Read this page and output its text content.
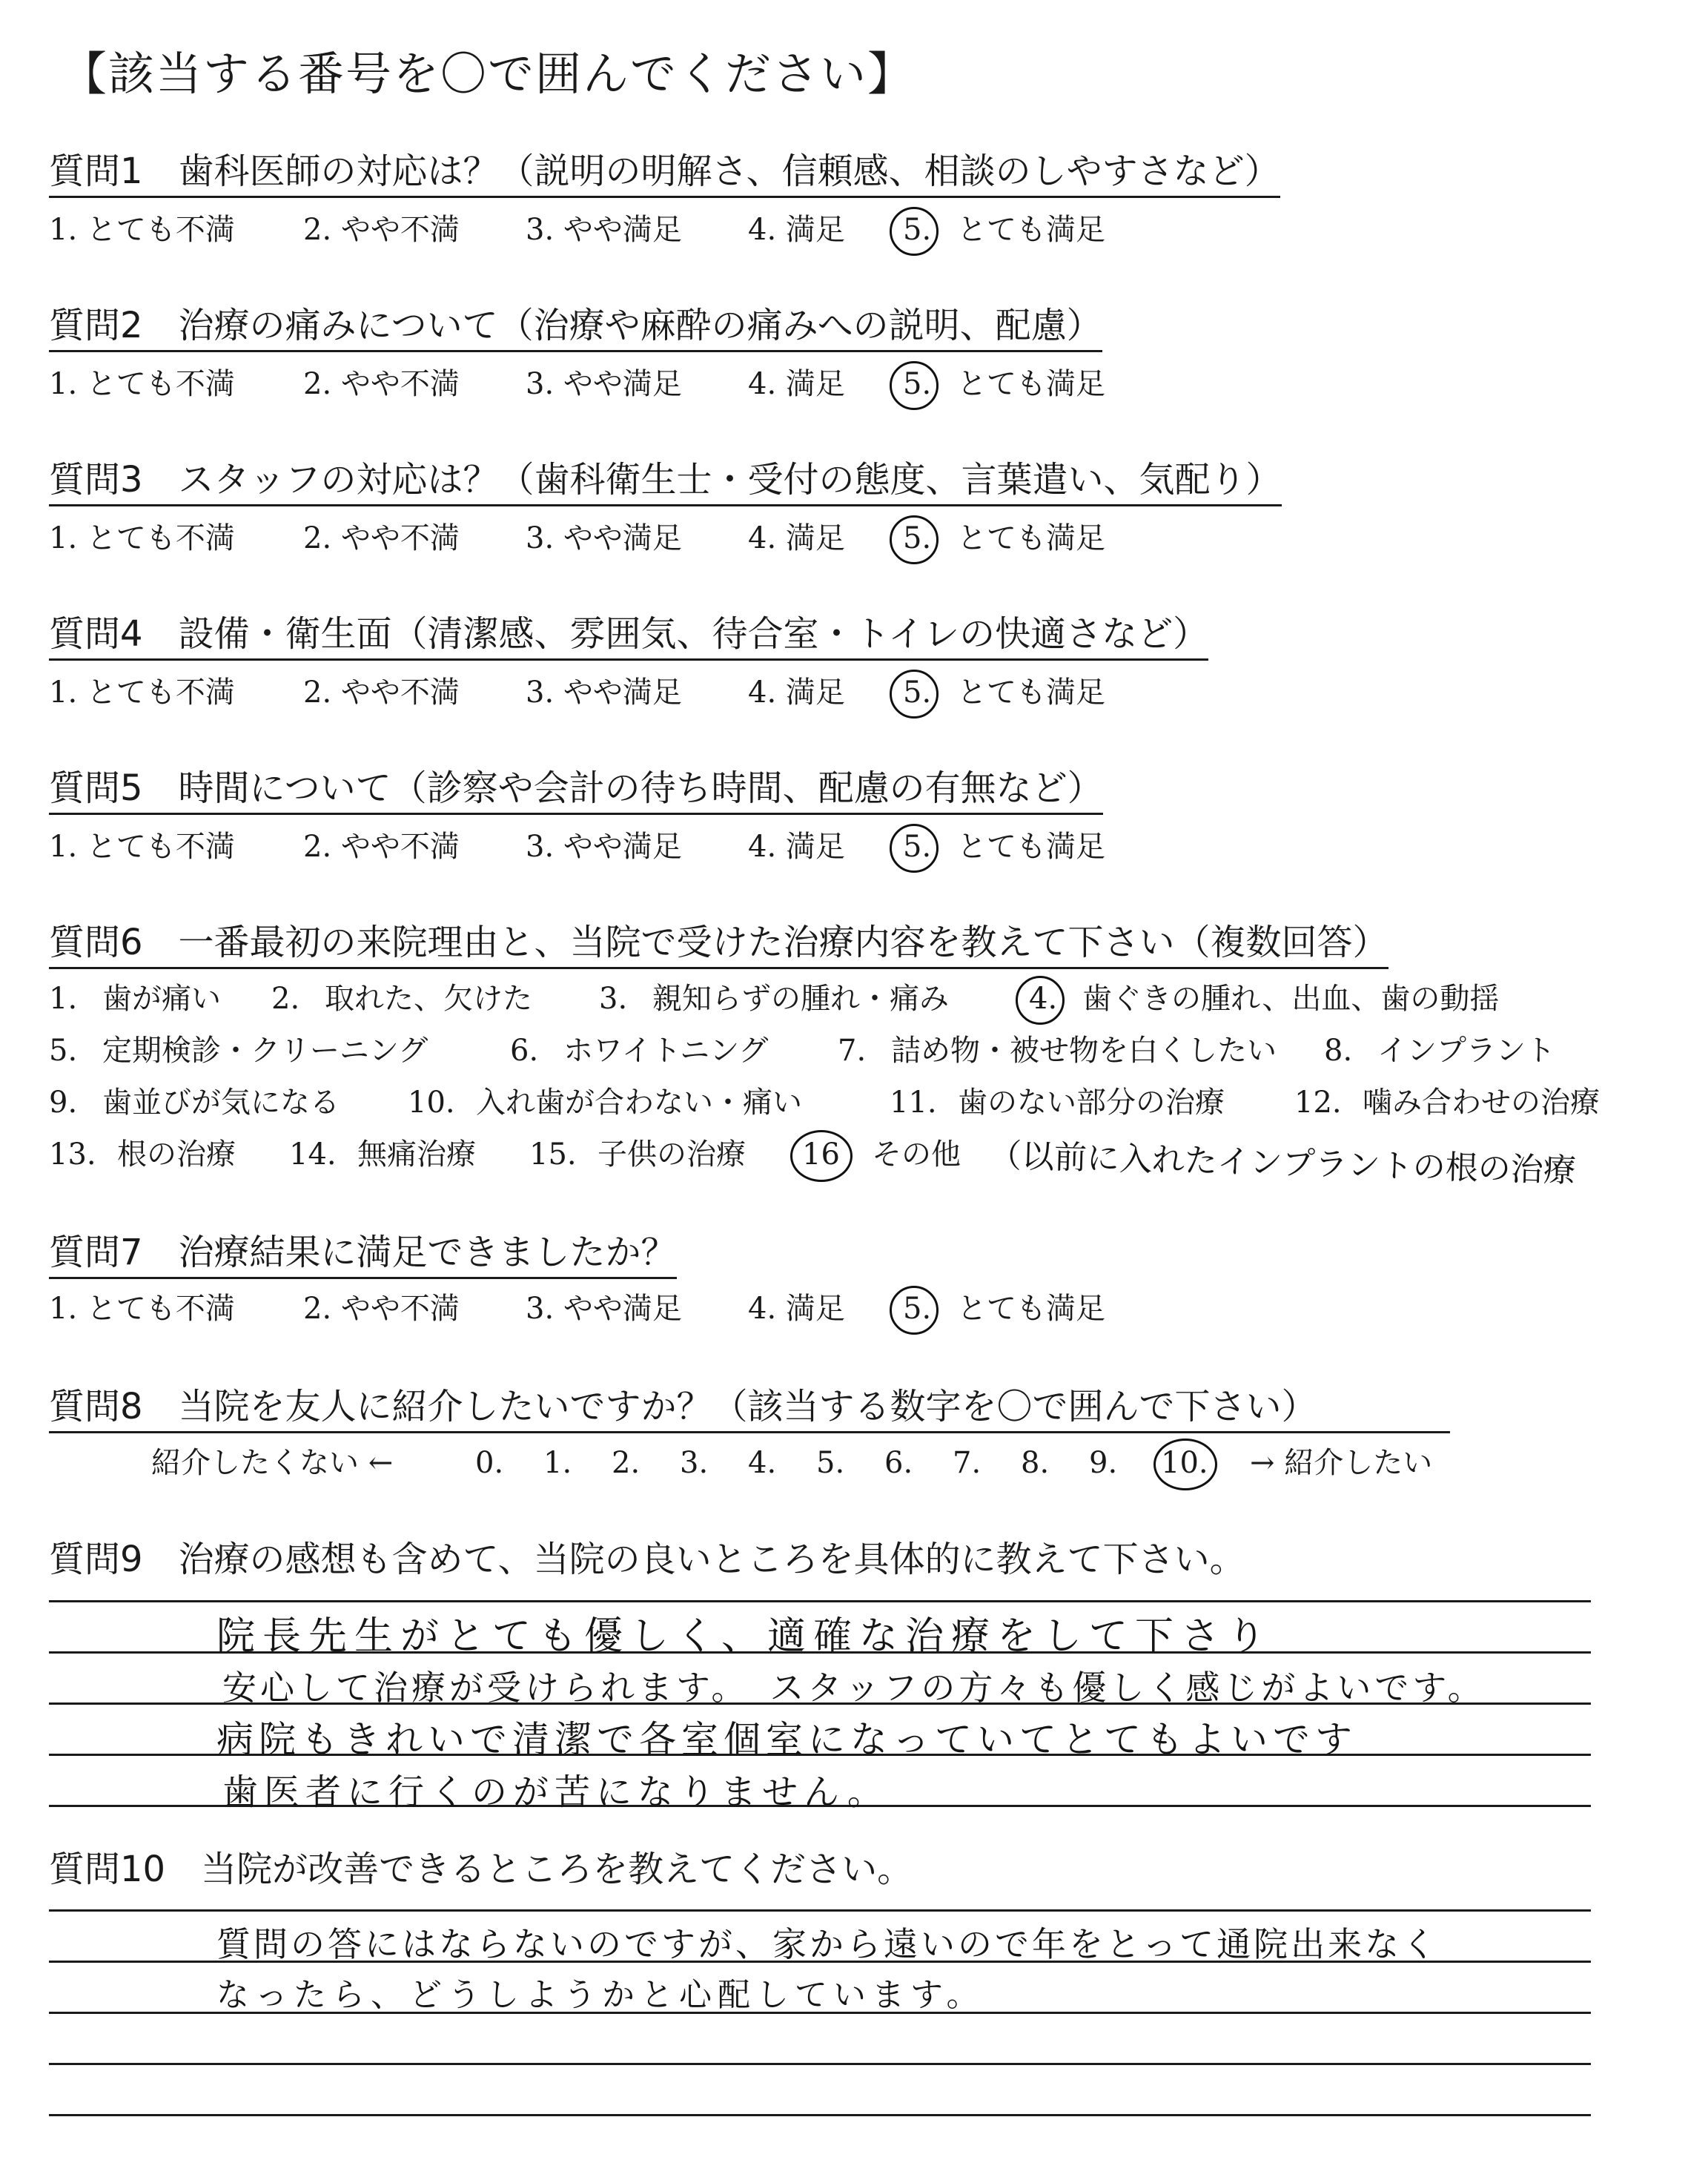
【該当する番号を〇で囲んでください】
質問1 歯科医師の対応は？（説明の明解さ、信頼感、相談のしやすさなど）
1. とても不満 2. やや不満 3. やや満足 4. 満足 5. とても満足
質問2 治療の痛みについて（治療や麻酔の痛みへの説明、配慮）
1. とても不満 2. やや不満 3. やや満足 4. 満足 5. とても満足
質問3 スタッフの対応は？（歯科衛生士・受付の態度、言葉遣い、気配り）
1. とても不満 2. やや不満 3. やや満足 4. 満足 5. とても満足
質問4 設備・衛生面（清潔感、雰囲気、待合室・トイレの快適さなど）
1. とても不満 2. やや不満 3. やや満足 4. 満足 5. とても満足
質問5 時間について（診察や会計の待ち時間、配慮の有無など）
1. とても不満 2. やや不満 3. やや満足 4. 満足 5. とても満足
質問6 一番最初の来院理由と、当院で受けた治療内容を教えて下さい（複数回答）
1. 歯が痛い 2. 取れた、欠けた 3. 親知らずの腫れ・痛み	4. 歯ぐきの腫れ、出血、歯の動揺
5. 定期検診・クリーニング	6. ホワイトニング 7. 詰め物・被せ物を白くしたい 8. インプラント
9. 歯並びが気になる 10. 入れ歯が合わない・痛い	11. 歯のない部分の治療 12. 噛み合わせの治療
13. 根の治療 14. 無痛治療 15. 子供の治療 16 その他 （以前に入れたインプラントの根の治療
質問7 治療結果に満足できましたか？
1. とても不満 2. やや不満 3. やや満足 4. 満足 5. とても満足
質問8 当院を友人に紹介したいですか？（該当する数字を〇で囲んで下さい）
紹介したくない ←	0. 1. 2. 3. 4. 5. 6. 7. 8. 9. 10. → 紹介したい
質問9 治療の感想も含めて、当院の良いところを具体的に教えて下さい。
院長先生がとても優しく、適確な治療をして下さり
安心して治療が受けられます。　スタッフの方々も優しく感じがよいです。
病院もきれいで清潔で各室個室になっていてとてもよいです
歯医者に行くのが苦になりません。
質問10 当院が改善できるところを教えてください。
質問の答にはならないのですが、家から遠いので年をとって通院出来なく
なったら、どうしようかと心配しています。
